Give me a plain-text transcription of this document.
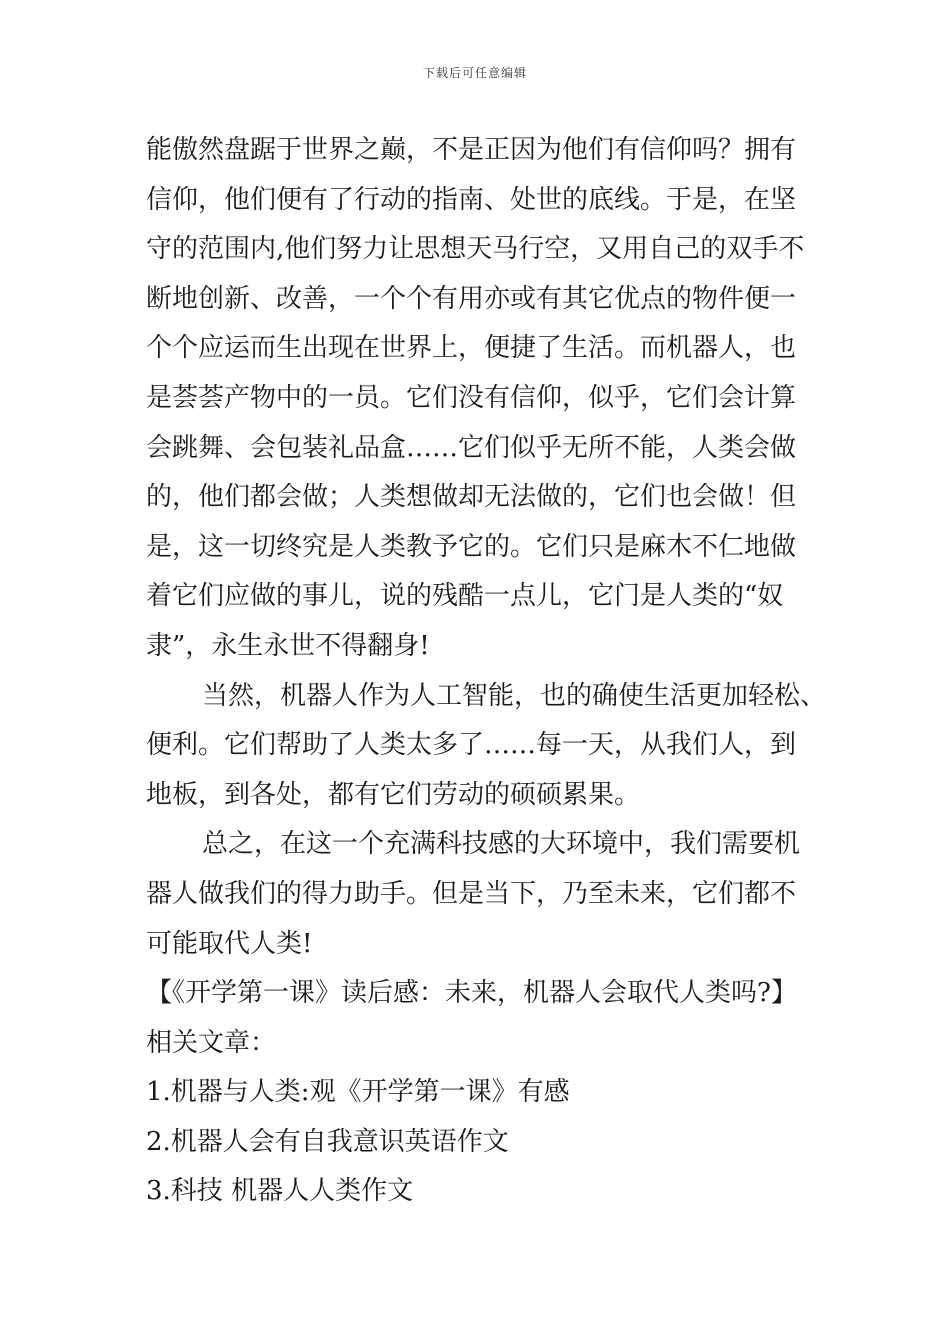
下载后可任意编辑
能傲然盘踞于世界之巅，不是正因为他们有信仰吗？拥有
信仰，他们便有了行动的指南、处世的底线。于是，在坚
守的范围内,他们努力让思想天马行空，又用自己的双手不
断地创新、改善，一个个有用亦或有其它优点的物件便一
个个应运而生出现在世界上，便捷了生活。而机器人，也
是荟荟产物中的一员。它们没有信仰，似乎，它们会计算
会跳舞、会包装礼品盒……它们似乎无所不能，人类会做
的，他们都会做；人类想做却无法做的，它们也会做！但
是，这一切终究是人类教予它的。它们只是麻木不仁地做
着它们应做的事儿，说的残酷一点儿，它门是人类的“奴
隶”，永生永世不得翻身!
当然，机器人作为人工智能，也的确使生活更加轻松、
便利。它们帮助了人类太多了……每一天，从我们人，到
地板，到各处，都有它们劳动的硕硕累果。
总之，在这一个充满科技感的大环境中，我们需要机
器人做我们的得力助手。但是当下，乃至未来，它们都不
可能取代人类!
【《开学第一课》读后感：未来，机器人会取代人类吗?】
相关文章：
1.机器与人类:观《开学第一课》有感
2.机器人会有自我意识英语作文
3.科技 机器人人类作文
